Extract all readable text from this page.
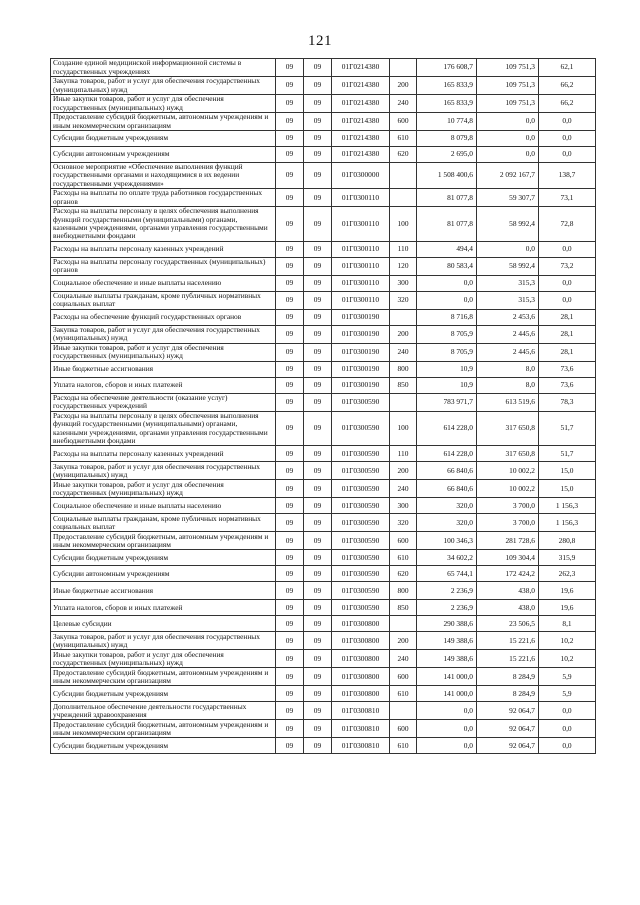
121
Создание единой медицинской информационной системы в государственных учреждениях	09	09	01Г0214380		176 608,7	109 751,3	62,1
Закупка товаров, работ и услуг для обеспечения государственных (муниципальных) нужд	09	09	01Г0214380	200	165 833,9	109 751,3	66,2
Иные закупки товаров, работ и услуг для обеспечения государственных (муниципальных) нужд	09	09	01Г0214380	240	165 833,9	109 751,3	66,2
Предоставление субсидий бюджетным, автономным учреждениям и иным некоммерческим организациям	09	09	01Г0214380	600	10 774,8	0,0	0,0
Субсидии бюджетным учреждениям	09	09	01Г0214380	610	8 079,8	0,0	0,0
Субсидии автономным учреждениям	09	09	01Г0214380	620	2 695,0	0,0	0,0
Основное мероприятие «Обеспечение выполнения функций государственными органами и находящимися в их ведении государственными учреждениями»	09	09	01Г0300000		1 508 400,6	2 092 167,7	138,7
Расходы на выплаты по оплате труда работников государственных органов	09	09	01Г0300110		81 077,8	59 307,7	73,1
Расходы на выплаты персоналу в целях обеспечения выполнения функций государственными (муниципальными) органами, казенными учреждениями, органами управления государственными внебюджетными фондами	09	09	01Г0300110	100	81 077,8	58 992,4	72,8
Расходы на выплаты персоналу казенных учреждений	09	09	01Г0300110	110	494,4	0,0	0,0
Расходы на выплаты персоналу государственных (муниципальных) органов	09	09	01Г0300110	120	80 583,4	58 992,4	73,2
Социальное обеспечение и иные выплаты населению	09	09	01Г0300110	300	0,0	315,3	0,0
Социальные выплаты гражданам, кроме публичных нормативных социальных выплат	09	09	01Г0300110	320	0,0	315,3	0,0
Расходы на обеспечение функций государственных органов	09	09	01Г0300190		8 716,8	2 453,6	28,1
Закупка товаров, работ и услуг для обеспечения государственных (муниципальных) нужд	09	09	01Г0300190	200	8 705,9	2 445,6	28,1
Иные закупки товаров, работ и услуг для обеспечения государственных (муниципальных) нужд	09	09	01Г0300190	240	8 705,9	2 445,6	28,1
Иные бюджетные ассигнования	09	09	01Г0300190	800	10,9	8,0	73,6
Уплата налогов, сборов и иных платежей	09	09	01Г0300190	850	10,9	8,0	73,6
Расходы на обеспечение деятельности (оказание услуг) государственных учреждений	09	09	01Г0300590		783 971,7	613 519,6	78,3
Расходы на выплаты персоналу в целях обеспечения выполнения функций государственными (муниципальными) органами, казенными учреждениями, органами управления государственными внебюджетными фондами	09	09	01Г0300590	100	614 228,0	317 650,8	51,7
Расходы на выплаты персоналу казенных учреждений	09	09	01Г0300590	110	614 228,0	317 650,8	51,7
Закупка товаров, работ и услуг для обеспечения государственных (муниципальных) нужд	09	09	01Г0300590	200	66 840,6	10 002,2	15,0
Иные закупки товаров, работ и услуг для обеспечения государственных (муниципальных) нужд	09	09	01Г0300590	240	66 840,6	10 002,2	15,0
Социальное обеспечение и иные выплаты населению	09	09	01Г0300590	300	320,0	3 700,0	1 156,3
Социальные выплаты гражданам, кроме публичных нормативных социальных выплат	09	09	01Г0300590	320	320,0	3 700,0	1 156,3
Предоставление субсидий бюджетным, автономным учреждениям и иным некоммерческим организациям	09	09	01Г0300590	600	100 346,3	281 728,6	280,8
Субсидии бюджетным учреждениям	09	09	01Г0300590	610	34 602,2	109 304,4	315,9
Субсидии автономным учреждениям	09	09	01Г0300590	620	65 744,1	172 424,2	262,3
Иные бюджетные ассигнования	09	09	01Г0300590	800	2 236,9	438,0	19,6
Уплата налогов, сборов и иных платежей	09	09	01Г0300590	850	2 236,9	438,0	19,6
Целевые субсидии	09	09	01Г0300800		290 388,6	23 506,5	8,1
Закупка товаров, работ и услуг для обеспечения государственных (муниципальных) нужд	09	09	01Г0300800	200	149 388,6	15 221,6	10,2
Иные закупки товаров, работ и услуг для обеспечения государственных (муниципальных) нужд	09	09	01Г0300800	240	149 388,6	15 221,6	10,2
Предоставление субсидий бюджетным, автономным учреждениям и иным некоммерческим организациям	09	09	01Г0300800	600	141 000,0	8 284,9	5,9
Субсидии бюджетным учреждениям	09	09	01Г0300800	610	141 000,0	8 284,9	5,9
Дополнительное обеспечение деятельности государственных учреждений здравоохранения	09	09	01Г0300810		0,0	92 064,7	0,0
Предоставление субсидий бюджетным, автономным учреждениям и иным некоммерческим организациям	09	09	01Г0300810	600	0,0	92 064,7	0,0
Субсидии бюджетным учреждениям	09	09	01Г0300810	610	0,0	92 064,7	0,0
